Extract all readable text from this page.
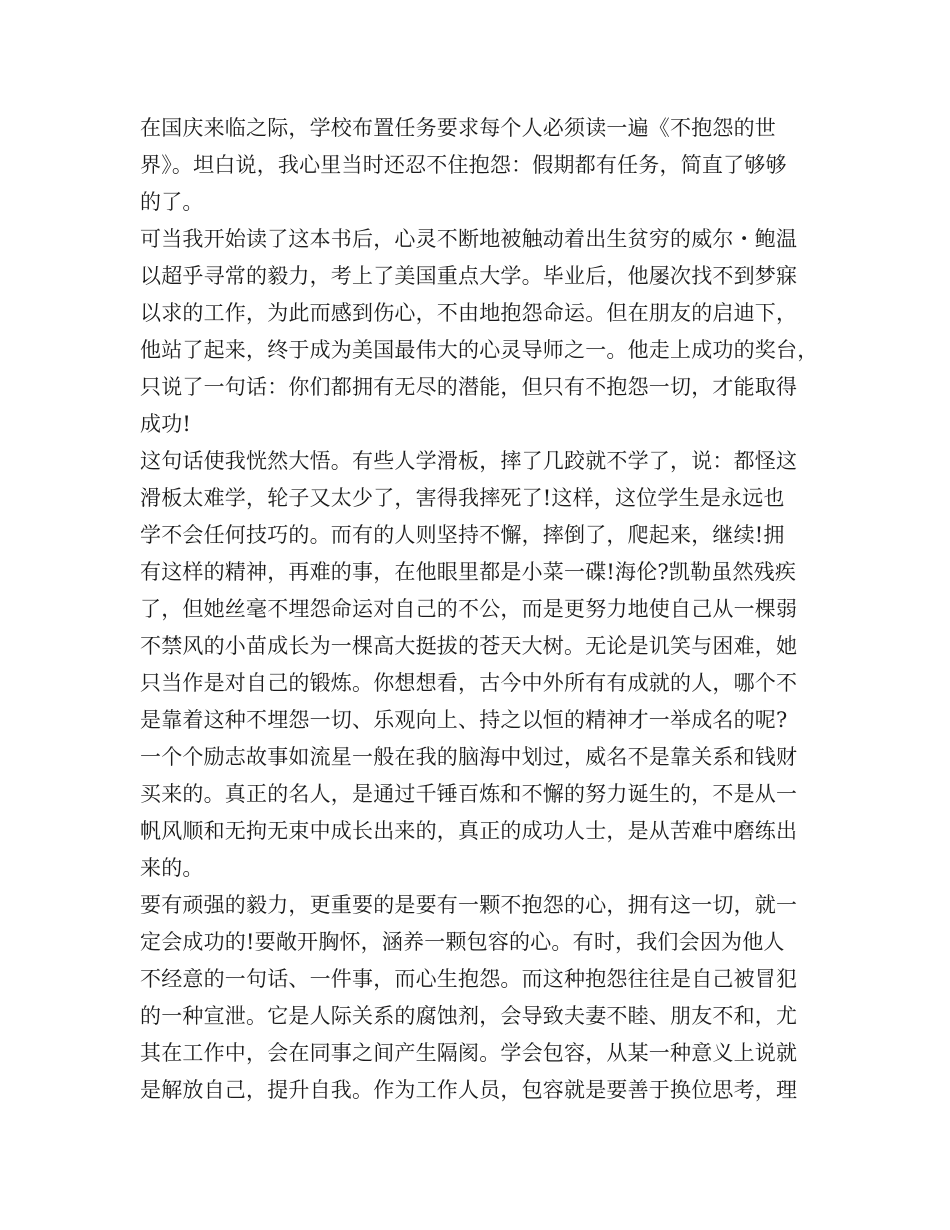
在国庆来临之际，学校布置任务要求每个人必须读一遍《不抱怨的世
界》。坦白说，我心里当时还忍不住抱怨：假期都有任务，简直了够够
的了。
可当我开始读了这本书后，心灵不断地被触动着出生贫穷的威尔・鲍温
以超乎寻常的毅力，考上了美国重点大学。毕业后，他屡次找不到梦寐
以求的工作，为此而感到伤心，不由地抱怨命运。但在朋友的启迪下，
他站了起来，终于成为美国最伟大的心灵导师之一。他走上成功的奖台，
只说了一句话：你们都拥有无尽的潜能，但只有不抱怨一切，才能取得
成功!
这句话使我恍然大悟。有些人学滑板，摔了几跤就不学了，说：都怪这
滑板太难学，轮子又太少了，害得我摔死了!这样，这位学生是永远也
学不会任何技巧的。而有的人则坚持不懈，摔倒了，爬起来，继续!拥
有这样的精神，再难的事，在他眼里都是小菜一碟!海伦?凯勒虽然残疾
了，但她丝毫不埋怨命运对自己的不公，而是更努力地使自己从一棵弱
不禁风的小苗成长为一棵高大挺拔的苍天大树。无论是讥笑与困难，她
只当作是对自己的锻炼。你想想看，古今中外所有有成就的人，哪个不
是靠着这种不埋怨一切、乐观向上、持之以恒的精神才一举成名的呢?
一个个励志故事如流星一般在我的脑海中划过，威名不是靠关系和钱财
买来的。真正的名人，是通过千锤百炼和不懈的努力诞生的，不是从一
帆风顺和无拘无束中成长出来的，真正的成功人士，是从苦难中磨练出
来的。
要有顽强的毅力，更重要的是要有一颗不抱怨的心，拥有这一切，就一
定会成功的!要敞开胸怀，涵养一颗包容的心。有时，我们会因为他人
不经意的一句话、一件事，而心生抱怨。而这种抱怨往往是自己被冒犯
的一种宣泄。它是人际关系的腐蚀剂，会导致夫妻不睦、朋友不和，尤
其在工作中，会在同事之间产生隔阂。学会包容，从某一种意义上说就
是解放自己，提升自我。作为工作人员，包容就是要善于换位思考，理
